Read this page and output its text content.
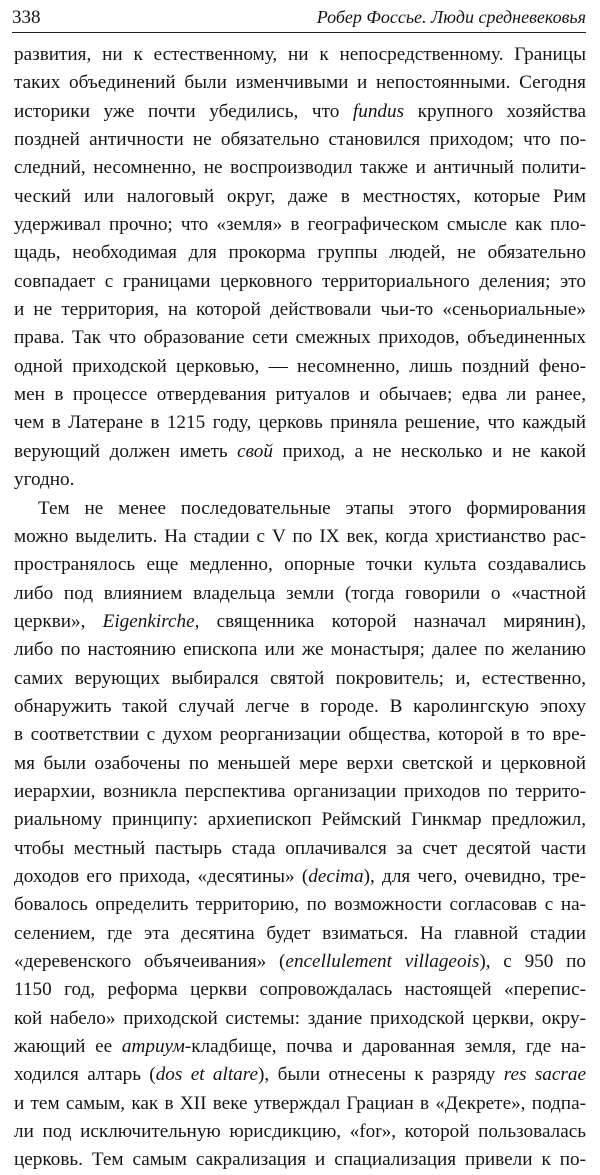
338	Робер Фоссье. Люди средневековья
развития, ни к естественному, ни к непосредственному. Границы
таких объединений были изменчивыми и непостоянными. Сегодня
историки уже почти убедились, что fundus крупного хозяйства
поздней античности не обязательно становился приходом; что по-
следний, несомненно, не воспроизводил также и античный полити-
ческий или налоговый округ, даже в местностях, которые Рим
удерживал прочно; что «земля» в географическом смысле как пло-
щадь, необходимая для прокорма группы людей, не обязательно
совпадает с границами церковного территориального деления; это
и не территория, на которой действовали чьи-то «сеньориальные»
права. Так что образование сети смежных приходов, объединенных
одной приходской церковью, — несомненно, лишь поздний фено-
мен в процессе отвердевания ритуалов и обычаев; едва ли ранее,
чем в Латеране в 1215 году, церковь приняла решение, что каждый
верующий должен иметь свой приход, а не несколько и не какой
угодно.
Тем не менее последовательные этапы этого формирования
можно выделить. На стадии с V по IX век, когда христианство рас-
пространялось еще медленно, опорные точки культа создавались
либо под влиянием владельца земли (тогда говорили о «частной
церкви», Eigenkirche, священника которой назначал мирянин),
либо по настоянию епископа или же монастыря; далее по желанию
самих верующих выбирался святой покровитель; и, естественно,
обнаружить такой случай легче в городе. В каролингскую эпоху
в соответствии с духом реорганизации общества, которой в то вре-
мя были озабочены по меньшей мере верхи светской и церковной
иерархии, возникла перспектива организации приходов по террито-
риальному принципу: архиепископ Реймский Гинкмар предложил,
чтобы местный пастырь стада оплачивался за счет десятой части
доходов его прихода, «десятины» (decima), для чего, очевидно, тре-
бовалось определить территорию, по возможности согласовав с на-
селением, где эта десятина будет взиматься. На главной стадии
«деревенского объячеивания» (encellulement villageois), с 950 по
1150 год, реформа церкви сопровождалась настоящей «перепис-
кой набело» приходской системы: здание приходской церкви, окру-
жающий ее атриум-кладбище, почва и дарованная земля, где на-
ходился алтарь (dos et altare), были отнесены к разряду res sacrae
и тем самым, как в XII веке утверждал Грациан в «Декрете», подпа-
ли под исключительную юрисдикцию, «for», которой пользовалась
церковь. Тем самым сакрализация и спациализация привели к по-
